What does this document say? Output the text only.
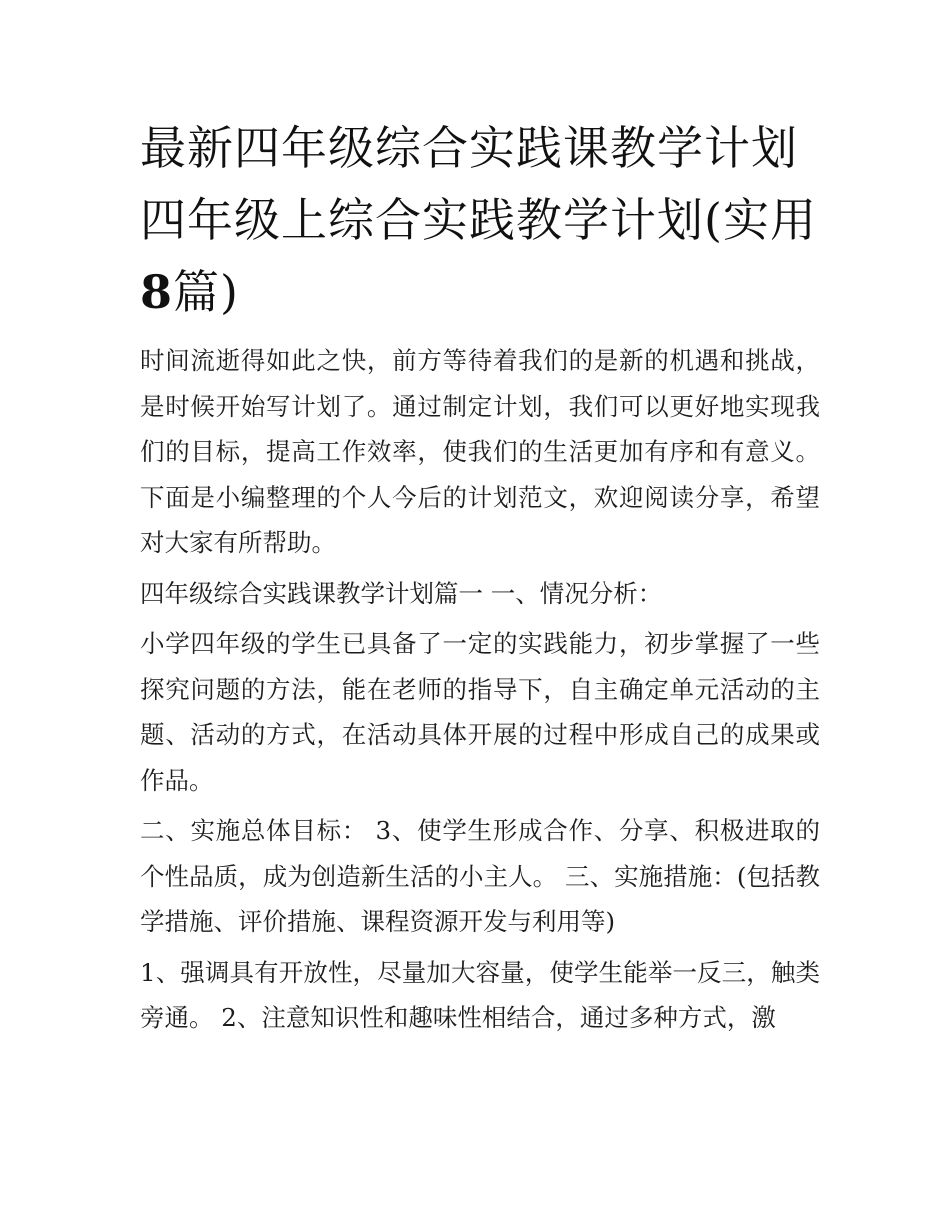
最新四年级综合实践课教学计划 四年级上综合实践教学计划(实用8篇)

时间流逝得如此之快，前方等待着我们的是新的机遇和挑战，是时候开始写计划了。通过制定计划，我们可以更好地实现我们的目标，提高工作效率，使我们的生活更加有序和有意义。下面是小编整理的个人今后的计划范文，欢迎阅读分享，希望对大家有所帮助。

四年级综合实践课教学计划篇一 一、情况分析：

小学四年级的学生已具备了一定的实践能力，初步掌握了一些探究问题的方法，能在老师的指导下，自主确定单元活动的主题、活动的方式，在活动具体开展的过程中形成自己的成果或作品。

二、实施总体目标： 3、使学生形成合作、分享、积极进取的个性品质，成为创造新生活的小主人。 三、实施措施：(包括教学措施、评价措施、课程资源开发与利用等)

1、强调具有开放性，尽量加大容量，使学生能举一反三，触类旁通。 2、注意知识性和趣味性相结合，通过多种方式，激
